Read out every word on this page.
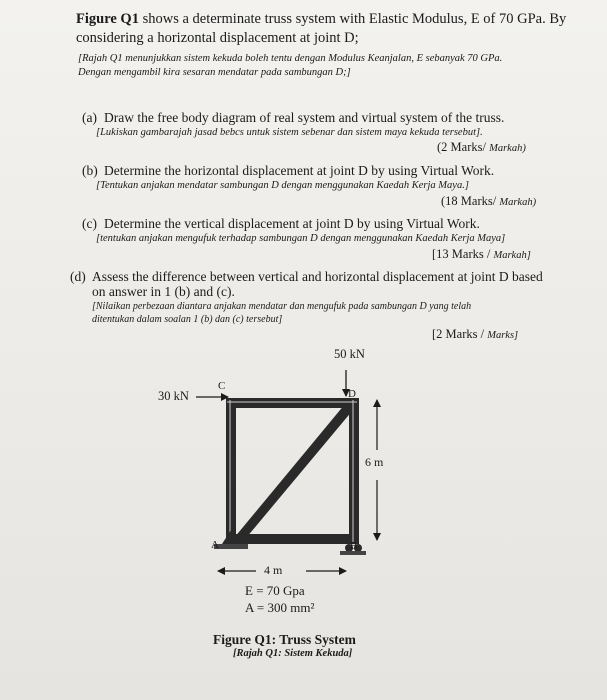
Figure Q1 shows a determinate truss system with Elastic Modulus, E of 70 GPa. By considering a horizontal displacement at joint D;
[Rajah Q1 menunjukkan sistem kekuda boleh tentu dengan Modulus Keanjalan, E sebanyak 70 GPa.
Dengan mengambil kira sesaran mendatar pada sambungan D;]
(a) Draw the free body diagram of real system and virtual system of the truss.
[Lukiskan gambarajah jasad bebcs untuk sistem sebenar dan sistem maya kekuda tersebut].
(2 Marks/ Markah)
(b) Determine the horizontal displacement at joint D by using Virtual Work.
[Tentukan anjakan mendatar sambungan D dengan menggunakan Kaedah Kerja Maya.]
(18 Marks/ Markah)
(c) Determine the vertical displacement at joint D by using Virtual Work.
[tentukan anjakan mengufuk terhadap sambungan D dengan menggunakan Kaedah Kerja Maya]
[13 Marks / Markah]
(d) Assess the difference between vertical and horizontal displacement at joint D based
on answer in 1 (b) and (c).
[Nilaikan perbezaan diantara anjakan mendatar dan mengufuk pada sambungan D yang telah
ditentukan dalam soalan 1 (b) dan (c) tersebut]
[2 Marks / Marks]
50 kN
30 kN
C
D
A	B
6 m
4 m
E = 70 Gpa
A = 300 mm²
Figure Q1: Truss System
[Rajah Q1: Sistem Kekuda]
